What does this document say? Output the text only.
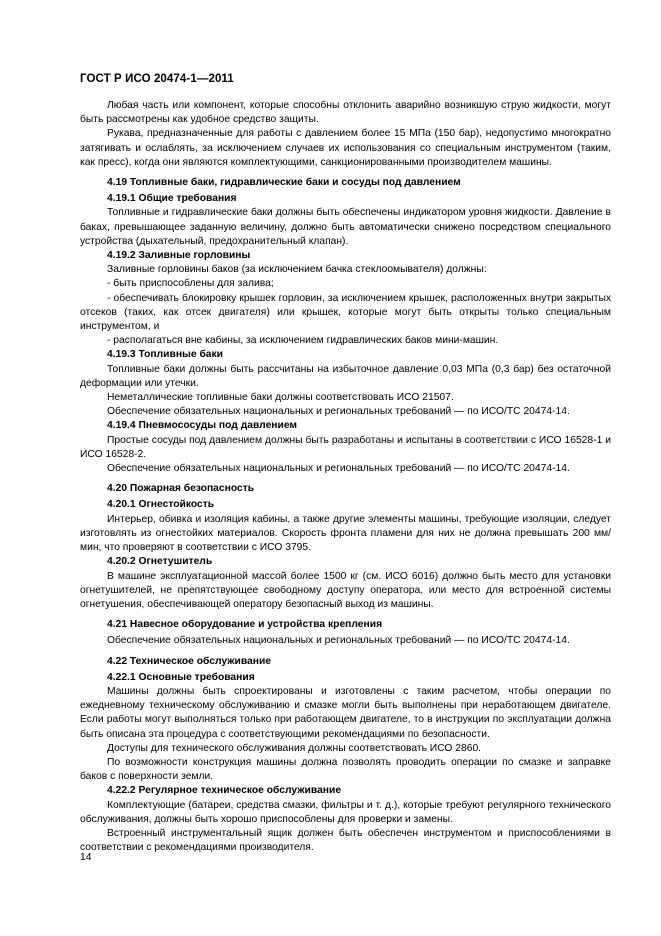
ГОСТ Р ИСО 20474-1—2011

Любая часть или компонент, которые способны отклонить аварийно возникшую струю жидкости, могут быть рассмотрены как удобное средство защиты.

Рукава, предназначенные для работы с давлением более 15 МПа (150 бар), недопустимо многократно затягивать и ослаблять, за исключением случаев их использования со специальным инструментом (таким, как пресс), когда они являются комплектующими, санкционированными производителем машины.

4.19 Топливные баки, гидравлические баки и сосуды под давлением
4.19.1 Общие требования

Топливные и гидравлические баки должны быть обеспечены индикатором уровня жидкости. Давление в баках, превышающее заданную величину, должно быть автоматически снижено посредством специального устройства (дыхательный, предохранительный клапан).

4.19.2 Заливные горловины

Заливные горловины баков (за исключением бачка стеклоомывателя) должны:

- быть приспособлены для залива;

- обеспечивать блокировку крышек горловин, за исключением крышек, расположенных внутри закрытых отсеков (таких, как отсек двигателя) или крышек, которые могут быть открыты только специальным инструментом, и

- располагаться вне кабины, за исключением гидравлических баков мини-машин.

4.19.3 Топливные баки

Топливные баки должны быть рассчитаны на избыточное давление 0,03 МПа (0,3 бар) без остаточной деформации или утечки.

Неметаллические топливные баки должны соответствовать ИСО 21507.

Обеспечение обязательных национальных и региональных требований — по ИСО/ТС 20474-14.

4.19.4 Пневмососуды под давлением

Простые сосуды под давлением должны быть разработаны и испытаны в соответствии с ИСО 16528-1 и ИСО 16528-2.

Обеспечение обязательных национальных и региональных требований — по ИСО/ТС 20474-14.

4.20 Пожарная безопасность
4.20.1 Огнестойкость

Интерьер, обивка и изоляция кабины, а также другие элементы машины, требующие изоляции, следует изготовлять из огнестойких материалов. Скорость фронта пламени для них не должна превышать 200 мм/мин, что проверяют в соответствии с ИСО 3795.

4.20.2 Огнетушитель

В машине эксплуатационной массой более 1500 кг (см. ИСО 6016) должно быть место для установки огнетушителей, не препятствующее свободному доступу оператора, или место для встроенной системы огнетушения, обеспечивающей оператору безопасный выход из машины.

4.21 Навесное оборудование и устройства крепления

Обеспечение обязательных национальных и региональных требований — по ИСО/ТС 20474-14.

4.22 Техническое обслуживание
4.22.1 Основные требования

Машины должны быть спроектированы и изготовлены с таким расчетом, чтобы операции по ежедневному техническому обслуживанию и смазке могли быть выполнены при неработающем двигателе. Если работы могут выполняться только при работающем двигателе, то в инструкции по эксплуатации должна быть описана эта процедура с соответствующими рекомендациями по безопасности.

Доступы для технического обслуживания должны соответствовать ИСО 2860.

По возможности конструкция машины должна позволять проводить операции по смазке и заправке баков с поверхности земли.

4.22.2 Регулярное техническое обслуживание

Комплектующие (батареи, средства смазки, фильтры и т. д.), которые требуют регулярного технического обслуживания, должны быть хорошо приспособлены для проверки и замены.

Встроенный инструментальный ящик должен быть обеспечен инструментом и приспособлениями в соответствии с рекомендациями производителя.

14
